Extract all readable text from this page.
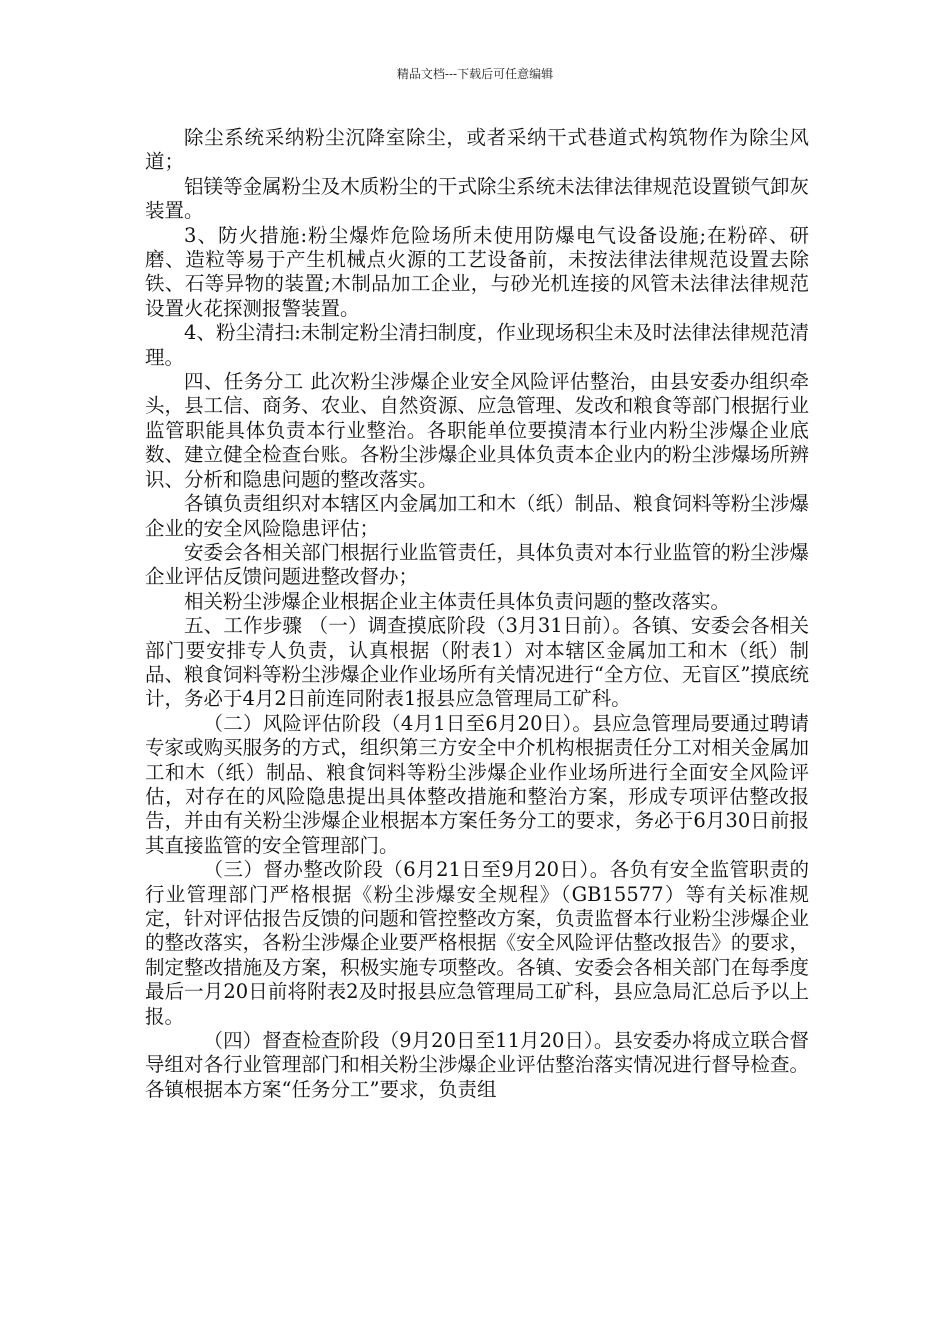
精品文档---下载后可任意编辑

除尘系统采纳粉尘沉降室除尘，或者采纳干式巷道式构筑物作为除尘风道；

铝镁等金属粉尘及木质粉尘的干式除尘系统未法律法律规范设置锁气卸灰装置。

3、防火措施:粉尘爆炸危险场所未使用防爆电气设备设施;在粉碎、研磨、造粒等易于产生机械点火源的工艺设备前，未按法律法律规范设置去除铁、石等异物的装置;木制品加工企业，与砂光机连接的风管未法律法律规范设置火花探测报警装置。

4、粉尘清扫:未制定粉尘清扫制度，作业现场积尘未及时法律法律规范清理。

四、任务分工 此次粉尘涉爆企业安全风险评估整治，由县安委办组织牵头，县工信、商务、农业、自然资源、应急管理、发改和粮食等部门根据行业监管职能具体负责本行业整治。各职能单位要摸清本行业内粉尘涉爆企业底数、建立健全检查台账。各粉尘涉爆企业具体负责本企业内的粉尘涉爆场所辨识、分析和隐患问题的整改落实。

各镇负责组织对本辖区内金属加工和木（纸）制品、粮食饲料等粉尘涉爆企业的安全风险隐患评估；

安委会各相关部门根据行业监管责任，具体负责对本行业监管的粉尘涉爆企业评估反馈问题进整改督办；

相关粉尘涉爆企业根据企业主体责任具体负责问题的整改落实。

五、工作步骤 （一）调查摸底阶段（3月31日前）。各镇、安委会各相关部门要安排专人负责，认真根据（附表1）对本辖区金属加工和木（纸）制品、粮食饲料等粉尘涉爆企业作业场所有关情况进行“全方位、无盲区”摸底统计，务必于4月2日前连同附表1报县应急管理局工矿科。

（二）风险评估阶段（4月1日至6月20日）。县应急管理局要通过聘请专家或购买服务的方式，组织第三方安全中介机构根据责任分工对相关金属加工和木（纸）制品、粮食饲料等粉尘涉爆企业作业场所进行全面安全风险评估，对存在的风险隐患提出具体整改措施和整治方案，形成专项评估整改报告，并由有关粉尘涉爆企业根据本方案任务分工的要求，务必于6月30日前报其直接监管的安全管理部门。

（三）督办整改阶段（6月21日至9月20日）。各负有安全监管职责的行业管理部门严格根据《粉尘涉爆安全规程》（GB15577）等有关标准规定，针对评估报告反馈的问题和管控整改方案，负责监督本行业粉尘涉爆企业的整改落实，各粉尘涉爆企业要严格根据《安全风险评估整改报告》的要求，制定整改措施及方案，积极实施专项整改。各镇、安委会各相关部门在每季度最后一月20日前将附表2及时报县应急管理局工矿科，县应急局汇总后予以上报。

（四）督查检查阶段（9月20日至11月20日）。县安委办将成立联合督导组对各行业管理部门和相关粉尘涉爆企业评估整治落实情况进行督导检查。各镇根据本方案“任务分工”要求，负责组
